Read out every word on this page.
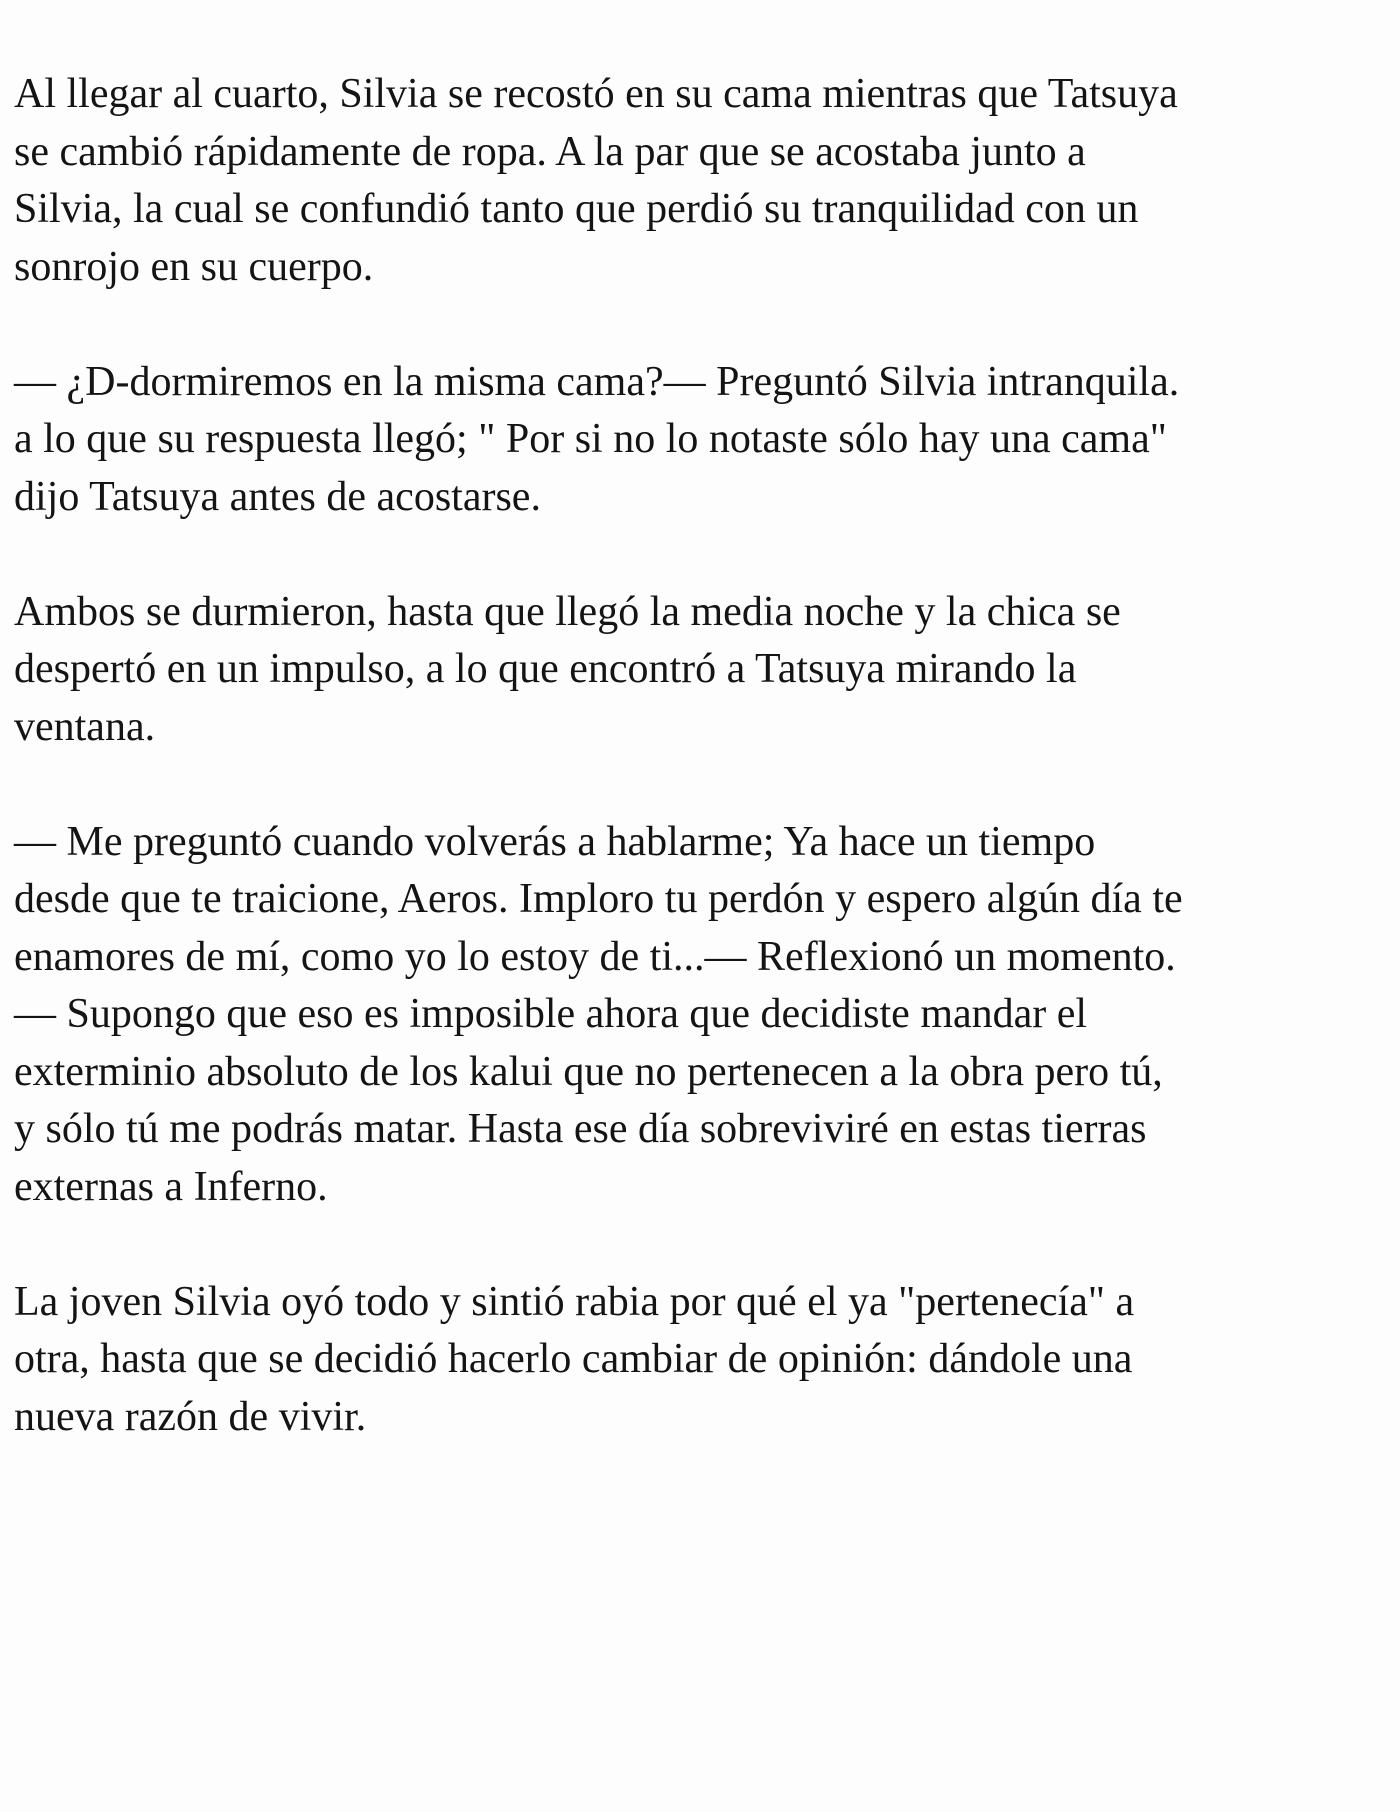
Al llegar al cuarto, Silvia se recostó en su cama mientras que Tatsuya
se cambió rápidamente de ropa. A la par que se acostaba junto a
Silvia, la cual se confundió tanto que perdió su tranquilidad con un
sonrojo en su cuerpo.

— ¿D-dormiremos en la misma cama?— Preguntó Silvia intranquila.
a lo que su respuesta llegó; " Por si no lo notaste sólo hay una cama"
dijo Tatsuya antes de acostarse.

Ambos se durmieron, hasta que llegó la media noche y la chica se
despertó en un impulso, a lo que encontró a Tatsuya mirando la
ventana.

— Me preguntó cuando volverás a hablarme; Ya hace un tiempo
desde que te traicione, Aeros. Imploro tu perdón y espero algún día te
enamores de mí, como yo lo estoy de ti...— Reflexionó un momento.
— Supongo que eso es imposible ahora que decidiste mandar el
exterminio absoluto de los kalui que no pertenecen a la obra pero tú,
y sólo tú me podrás matar. Hasta ese día sobreviviré en estas tierras
externas a Inferno.

La joven Silvia oyó todo y sintió rabia por qué el ya "pertenecía" a
otra, hasta que se decidió hacerlo cambiar de opinión: dándole una
nueva razón de vivir.
